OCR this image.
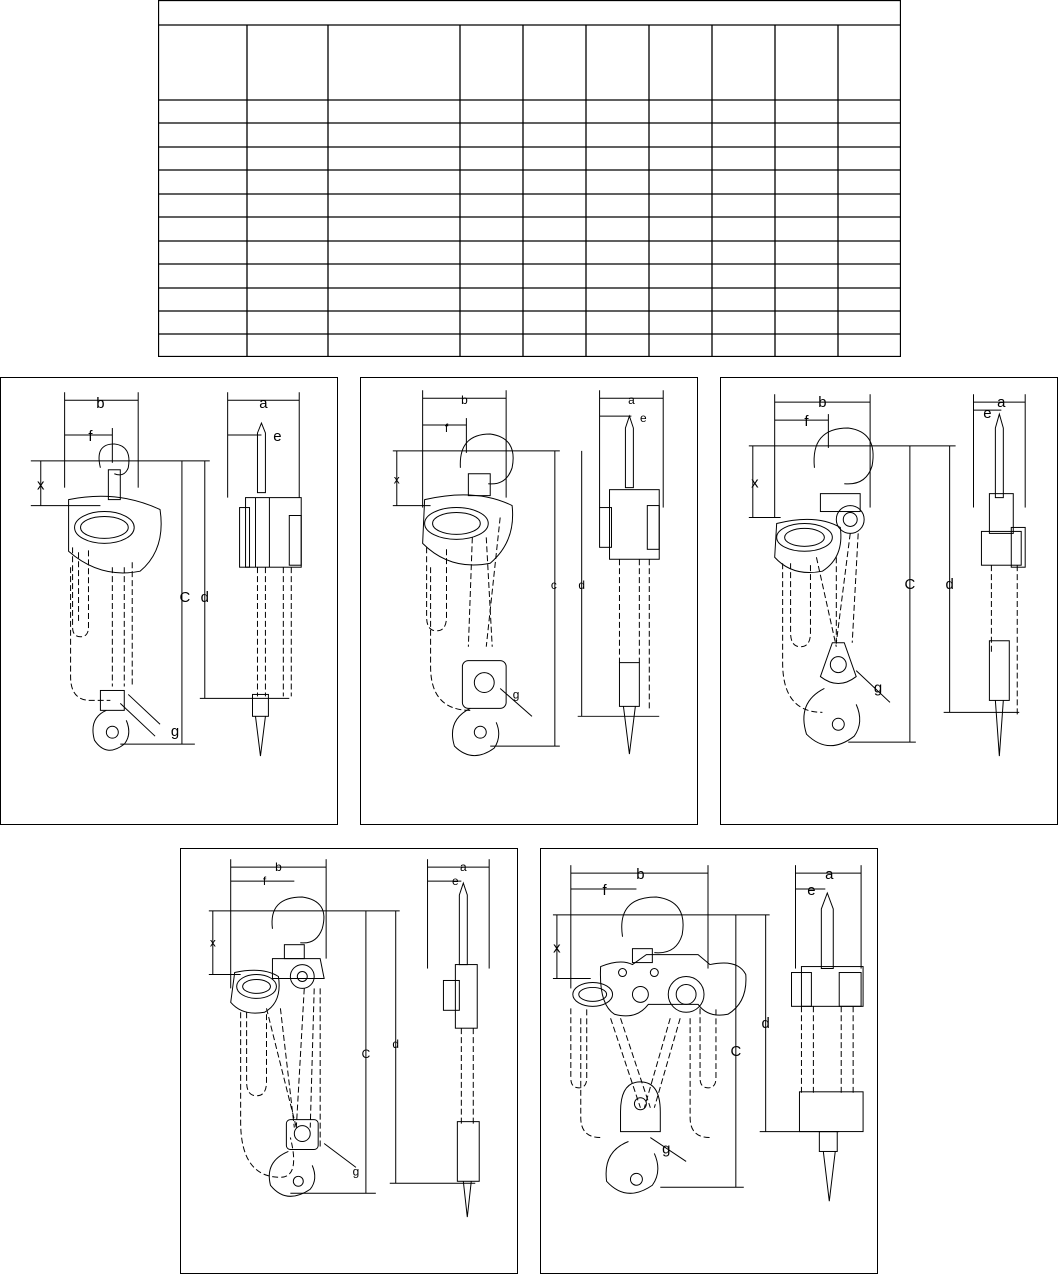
b
f
a
e
x
C d
g
b
f
a
e
x
c d
g
b
f
a
e
x
C d
g
b
f
a
e
x
C
d
g
b
f
a
e
x
C
d
g
